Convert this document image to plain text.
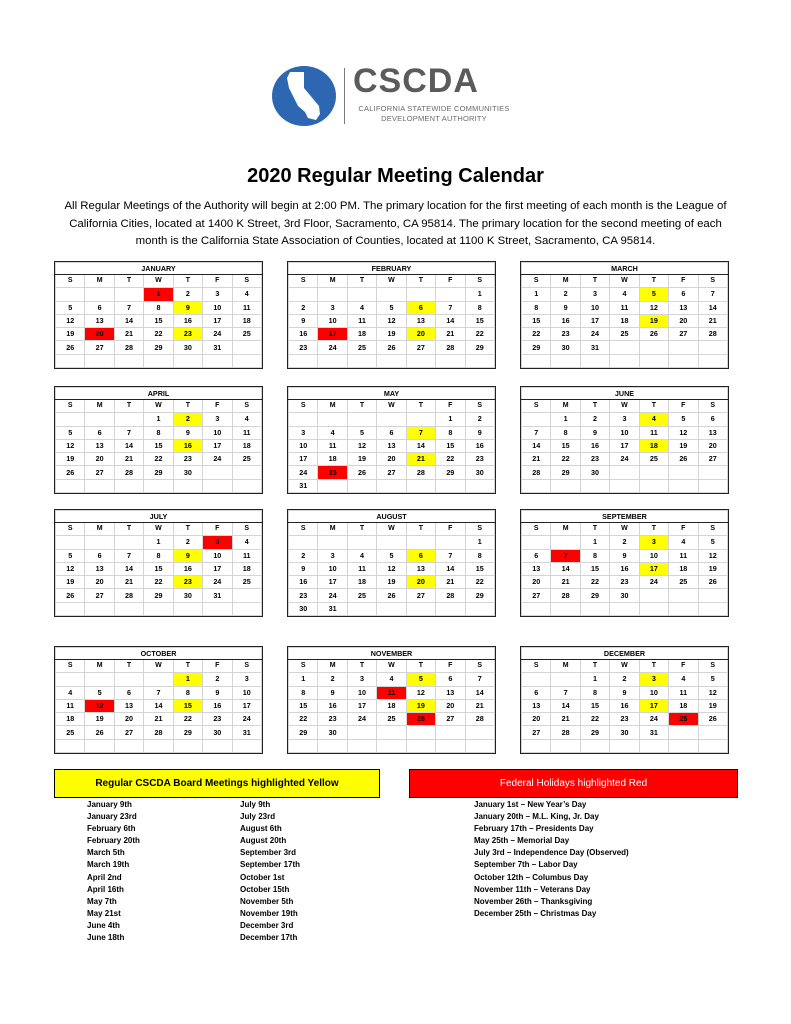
CSCDA
CALIFORNIA STATEWIDE COMMUNITIES
DEVELOPMENT AUTHORITY
2020 Regular Meeting Calendar
All Regular Meetings of the Authority will begin at 2:00 PM. The primary location for the first meeting of each month is the League of California Cities, located at 1400 K Street, 3rd Floor, Sacramento, CA 95814. The primary location for the second meeting of each month is the California State Association of Counties, located at 1100 K Street, Sacramento, CA 95814.
JANUARY						
S	M	T	W	T	F	S
			1	2	3	4
5	6	7	8	9	10	11
12	13	14	15	16	17	18
19	20	21	22	23	24	25
26	27	28	29	30	31	

FEBRUARY						
S	M	T	W	T	F	S
						1
2	3	4	5	6	7	8
9	10	11	12	13	14	15
16	17	18	19	20	21	22
23	24	25	26	27	28	29

MARCH						
S	M	T	W	T	F	S
1	2	3	4	5	6	7
8	9	10	11	12	13	14
15	16	17	18	19	20	21
22	23	24	25	26	27	28
29	30	31				

APRIL						
S	M	T	W	T	F	S
			1	2	3	4
5	6	7	8	9	10	11
12	13	14	15	16	17	18
19	20	21	22	23	24	25
26	27	28	29	30		

MAY						
S	M	T	W	T	F	S
					1	2
3	4	5	6	7	8	9
10	11	12	13	14	15	16
17	18	19	20	21	22	23
24	25	26	27	28	29	30
31						
JUNE						
S	M	T	W	T	F	S
	1	2	3	4	5	6
7	8	9	10	11	12	13
14	15	16	17	18	19	20
21	22	23	24	25	26	27
28	29	30				

JULY						
S	M	T	W	T	F	S
			1	2	3	4
5	6	7	8	9	10	11
12	13	14	15	16	17	18
19	20	21	22	23	24	25
26	27	28	29	30	31	

AUGUST						
S	M	T	W	T	F	S
						1
2	3	4	5	6	7	8
9	10	11	12	13	14	15
16	17	18	19	20	21	22
23	24	25	26	27	28	29
30	31					
SEPTEMBER						
S	M	T	W	T	F	S
		1	2	3	4	5
6	7	8	9	10	11	12
13	14	15	16	17	18	19
20	21	22	23	24	25	26
27	28	29	30			

OCTOBER						
S	M	T	W	T	F	S
				1	2	3
4	5	6	7	8	9	10
11	12	13	14	15	16	17
18	19	20	21	22	23	24
25	26	27	28	29	30	31

NOVEMBER						
S	M	T	W	T	F	S
1	2	3	4	5	6	7
8	9	10	11	12	13	14
15	16	17	18	19	20	21
22	23	24	25	26	27	28
29	30					

DECEMBER						
S	M	T	W	T	F	S
		1	2	3	4	5
6	7	8	9	10	11	12
13	14	15	16	17	18	19
20	21	22	23	24	25	26
27	28	29	30	31		

Regular CSCDA Board Meetings highlighted Yellow	Federal Holidays highlighted Red
January 9th
January 23rd
February 6th
February 20th
March 5th
March 19th
April 2nd
April 16th
May 7th
May 21st
June 4th
June 18th
July 9th
July 23rd
August 6th
August 20th
September 3rd
September 17th
October 1st
October 15th
November 5th
November 19th
December 3rd
December 17th
January 1st – New Year’s Day
January 20th – M.L. King, Jr. Day
February 17th – Presidents Day
May 25th – Memorial Day
July 3rd – Independence Day (Observed)
September 7th – Labor Day
October 12th – Columbus Day
November 11th – Veterans Day
November 26th – Thanksgiving
December 25th – Christmas Day
